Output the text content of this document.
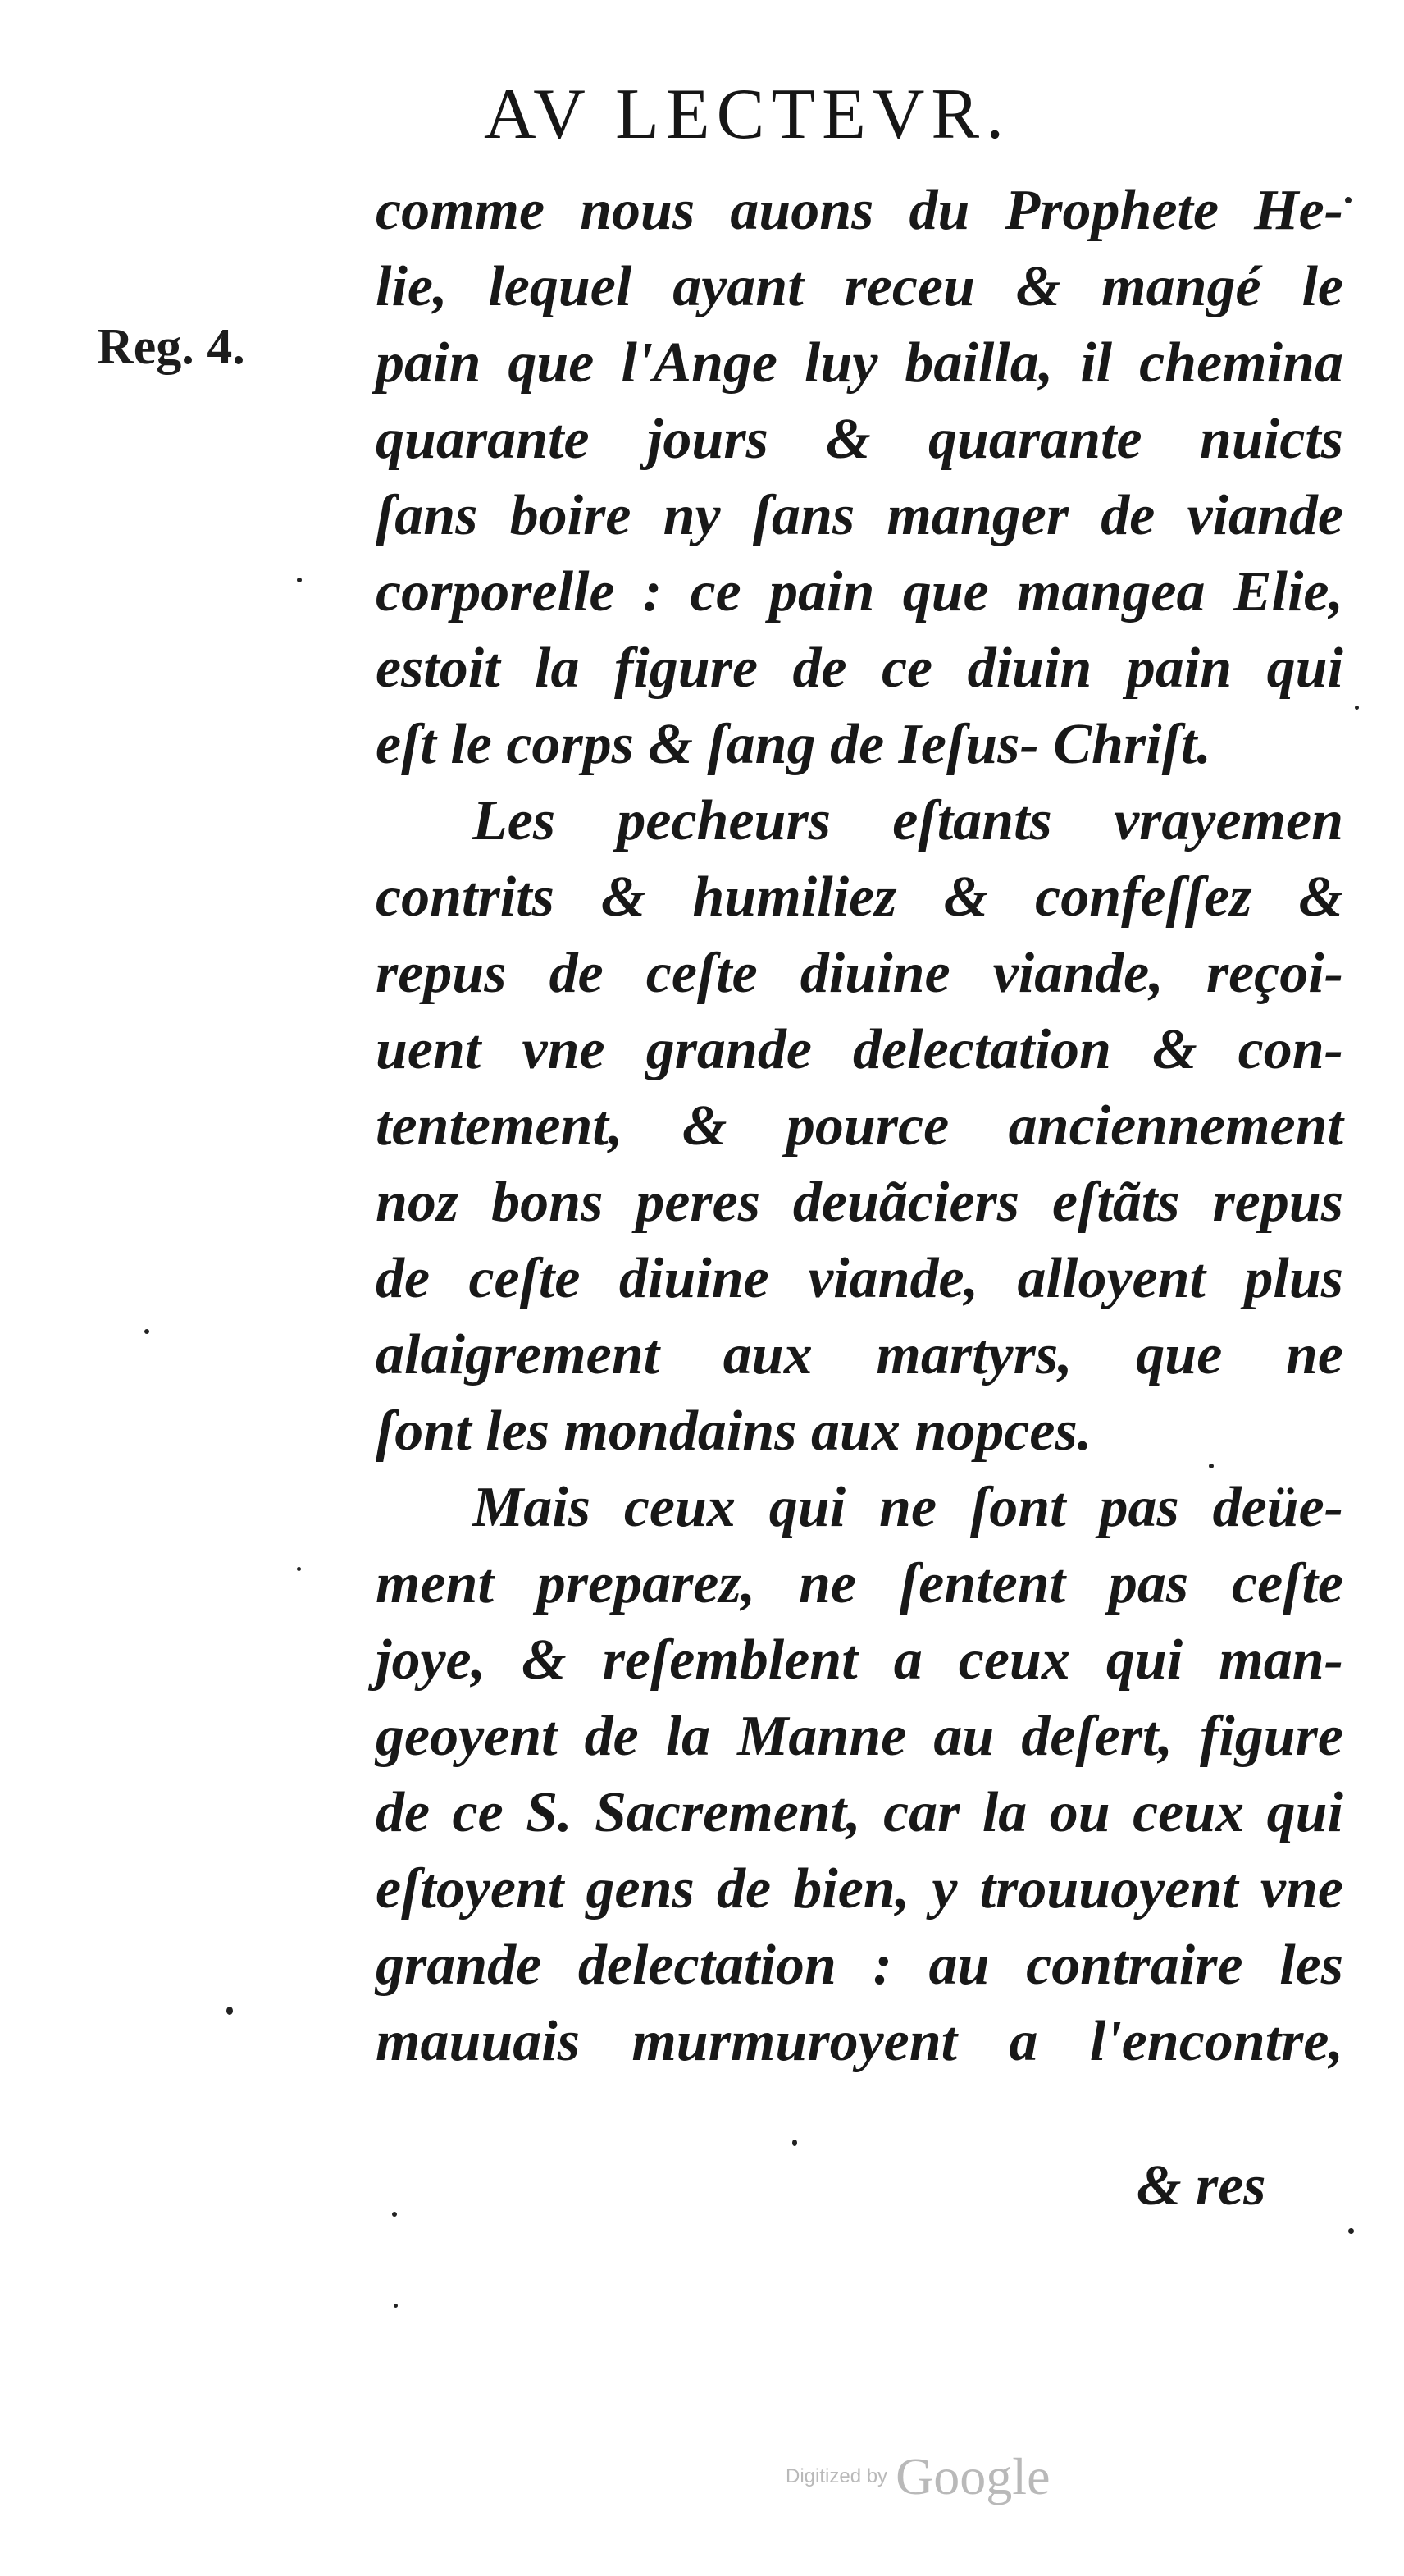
AV LECTEVR.
Reg. 4.
comme nous auons du Prophete He-
lie, lequel ayant receu & mangé le
pain que l'Ange luy bailla, il chemina
quarante jours & quarante nuicts
ſans boire ny ſans manger de viande
corporelle : ce pain que mangea Elie,
estoit la figure de ce diuin pain qui
eſt le corps & ſang de Ieſus- Chriſt.
Les pecheurs eſtants vrayemen
contrits & humiliez & confeſſez &
repus de ceſte diuine viande, reçoi-
uent vne grande delectation & con-
tentement, & pource anciennement
noz bons peres deuãciers eſtãts repus
de ceſte diuine viande, alloyent plus
alaigrement aux martyrs, que ne
ſont les mondains aux nopces.
Mais ceux qui ne ſont pas deüe-
ment preparez, ne ſentent pas ceſte
joye, & reſemblent a ceux qui man-
geoyent de la Manne au deſert, figure
de ce S. Sacrement, car la ou ceux qui
eſtoyent gens de bien, y trouuoyent vne
grande delectation : au contraire les
mauuais murmuroyent a l'encontre,
& res
Digitized by Google
